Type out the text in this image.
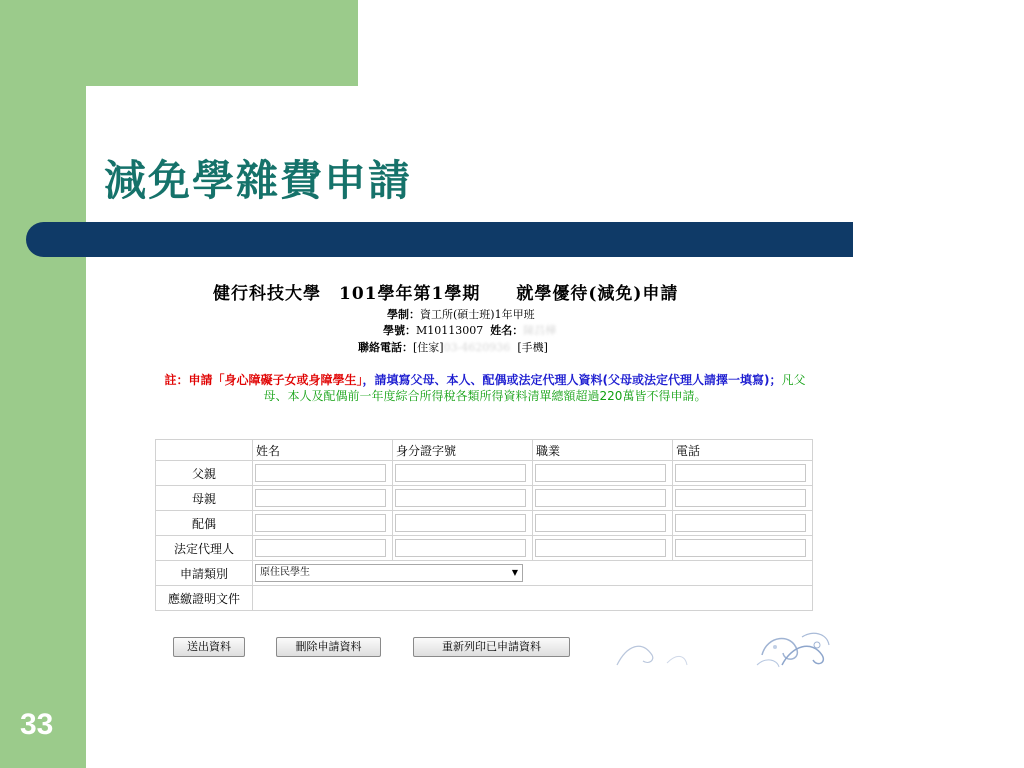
33
減免學雜費申請
健行科技大學　101學年第1學期　　就學優待(減免)申請
學制：資工所(碩士班)1年甲班
學號：M10113007 姓名：陳昌樺
聯絡電話：[住家]03-4620936 [手機]
註：申請「身心障礙子女或身障學生」，請填寫父母、本人、配偶或法定代理人資料(父母或法定代理人請擇一填寫)；凡父母、本人及配偶前一年度綜合所得稅各類所得資料清單總額超過220萬皆不得申請。
	姓名	身分證字號	職業	電話
父親	

母親	

配偶	

法定代理人	

申請類別	原住民學生 ▼			

應繳證明文件				
送出資料	刪除申請資料	重新列印已申請資料
